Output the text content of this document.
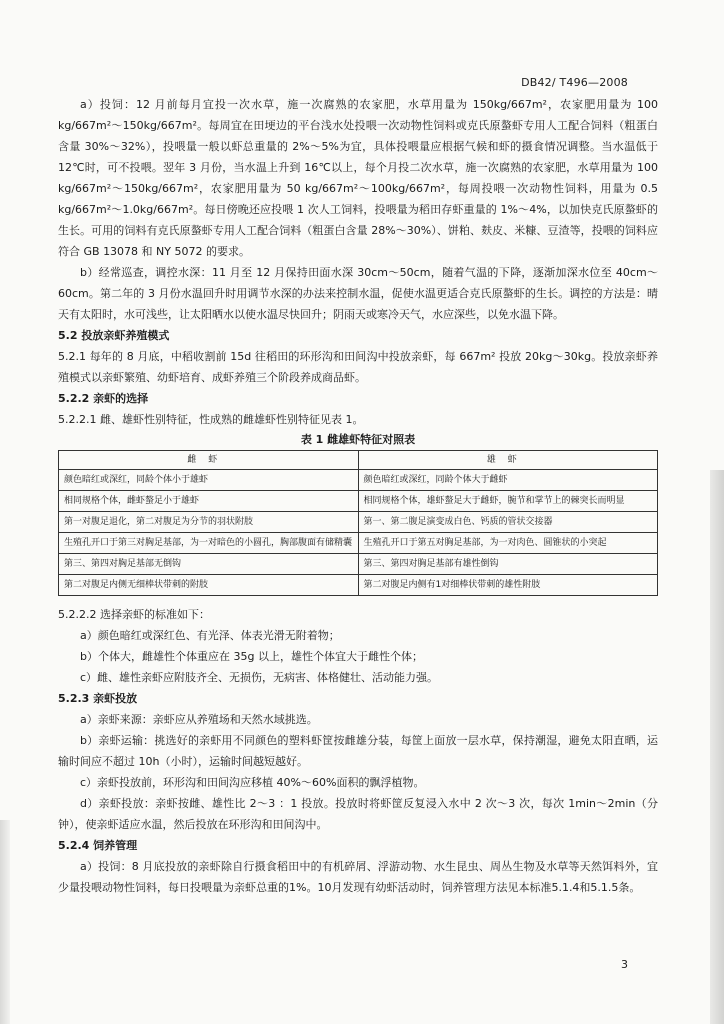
DB42/ T496—2008

a）投饲：12 月前每月宜投一次水草，施一次腐熟的农家肥，水草用量为 150kg/667m²，农家肥用量为 100 kg/667m²～150kg/667m²。每周宜在田埂边的平台浅水处投喂一次动物性饲料或克氏原螯虾专用人工配合饲料（粗蛋白含量 30%～32%），投喂量一般以虾总重量的 2%～5%为宜，具体投喂量应根据气候和虾的摄食情况调整。当水温低于 12℃时，可不投喂。翌年 3 月份，当水温上升到 16℃以上，每个月投二次水草，施一次腐熟的农家肥，水草用量为 100 kg/667m²～150kg/667m²，农家肥用量为 50 kg/667m²～100kg/667m²，每周投喂一次动物性饲料，用量为 0.5 kg/667m²～1.0kg/667m²。每日傍晚还应投喂 1 次人工饲料，投喂量为稻田存虾重量的 1%～4%，以加快克氏原螯虾的生长。可用的饲料有克氏原螯虾专用人工配合饲料（粗蛋白含量 28%～30%）、饼粕、麸皮、米糠、豆渣等，投喂的饲料应符合 GB 13078 和 NY 5072 的要求。

b）经常巡查，调控水深：11 月至 12 月保持田面水深 30cm～50cm，随着气温的下降，逐渐加深水位至 40cm～60cm。第二年的 3 月份水温回升时用调节水深的办法来控制水温，促使水温更适合克氏原螯虾的生长。调控的方法是：晴天有太阳时，水可浅些，让太阳晒水以使水温尽快回升；阴雨天或寒冷天气，水应深些，以免水温下降。

5.2 投放亲虾养殖模式

5.2.1 每年的 8 月底，中稻收割前 15d 往稻田的环形沟和田间沟中投放亲虾，每 667m² 投放 20kg～30kg。投放亲虾养殖模式以亲虾繁殖、幼虾培育、成虾养殖三个阶段养成商品虾。

5.2.2 亲虾的选择

5.2.2.1 雌、雄虾性别特征，性成熟的雌雄虾性别特征见表 1。

表 1 雌雄虾特征对照表

雌虾	雄虾
颜色暗红或深红，同龄个体小于雄虾	颜色暗红或深红，同龄个体大于雌虾
相同规格个体，雌虾螯足小于雄虾	相同规格个体，雄虾螯足大于雌虾，腕节和掌节上的棘突长而明显
第一对腹足退化，第二对腹足为分节的羽状附肢	第一、第二腹足演变成白色、钙质的管状交接器
生殖孔开口于第三对胸足基部，为一对暗色的小圆孔，胸部腹面有储精囊	生殖孔开口于第五对胸足基部，为一对肉色、圆锥状的小突起
第三、第四对胸足基部无倒钩	第三、第四对胸足基部有雄性倒钩
第二对腹足内侧无细棒状带刺的附肢	第二对腹足内侧有1对细棒状带刺的雄性附肢

5.2.2.2 选择亲虾的标准如下：

a）颜色暗红或深红色、有光泽、体表光滑无附着物；

b）个体大，雌雄性个体重应在 35g 以上，雄性个体宜大于雌性个体；

c）雌、雄性亲虾应附肢齐全、无损伤，无病害、体格健壮、活动能力强。

5.2.3 亲虾投放

a）亲虾来源：亲虾应从养殖场和天然水域挑选。

b）亲虾运输：挑选好的亲虾用不同颜色的塑料虾筐按雌雄分装，每筐上面放一层水草，保持潮湿，避免太阳直晒，运输时间应不超过 10h（小时），运输时间越短越好。

c）亲虾投放前，环形沟和田间沟应移植 40%～60%面积的飘浮植物。

d）亲虾投放：亲虾按雌、雄性比 2～3 ：1 投放。投放时将虾筐反复浸入水中 2 次～3 次，每次 1min～2min（分钟），使亲虾适应水温，然后投放在环形沟和田间沟中。

5.2.4 饲养管理

a）投饲：8 月底投放的亲虾除自行摄食稻田中的有机碎屑、浮游动物、水生昆虫、周丛生物及水草等天然饵料外，宜少量投喂动物性饲料，每日投喂量为亲虾总重的1%。10月发现有幼虾活动时，饲养管理方法见本标准5.1.4和5.1.5条。

3
